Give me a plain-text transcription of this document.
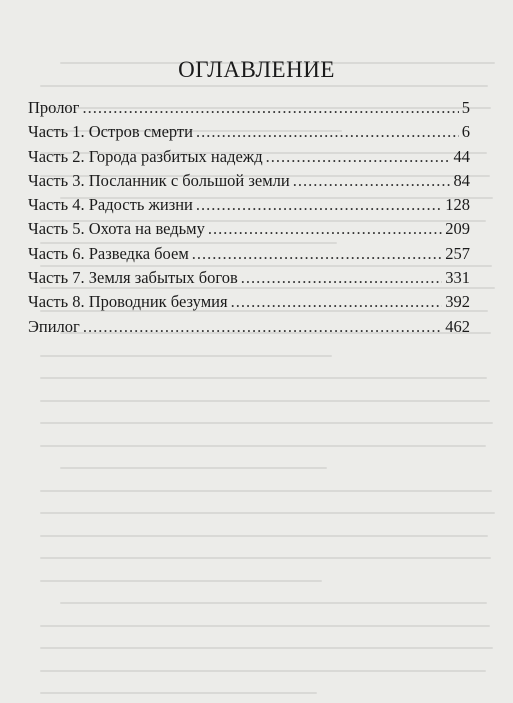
ОГЛАВЛЕНИЕ
Пролог .....	5
Часть 1. Остров смерти .....	6
Часть 2. Города разбитых надежд .....	44
Часть 3. Посланник с большой земли .....	84
Часть 4. Радость жизни .....	128
Часть 5. Охота на ведьму .....	209
Часть 6. Разведка боем .....	257
Часть 7. Земля забытых богов .....	331
Часть 8. Проводник безумия .....	392
Эпилог .....	462
